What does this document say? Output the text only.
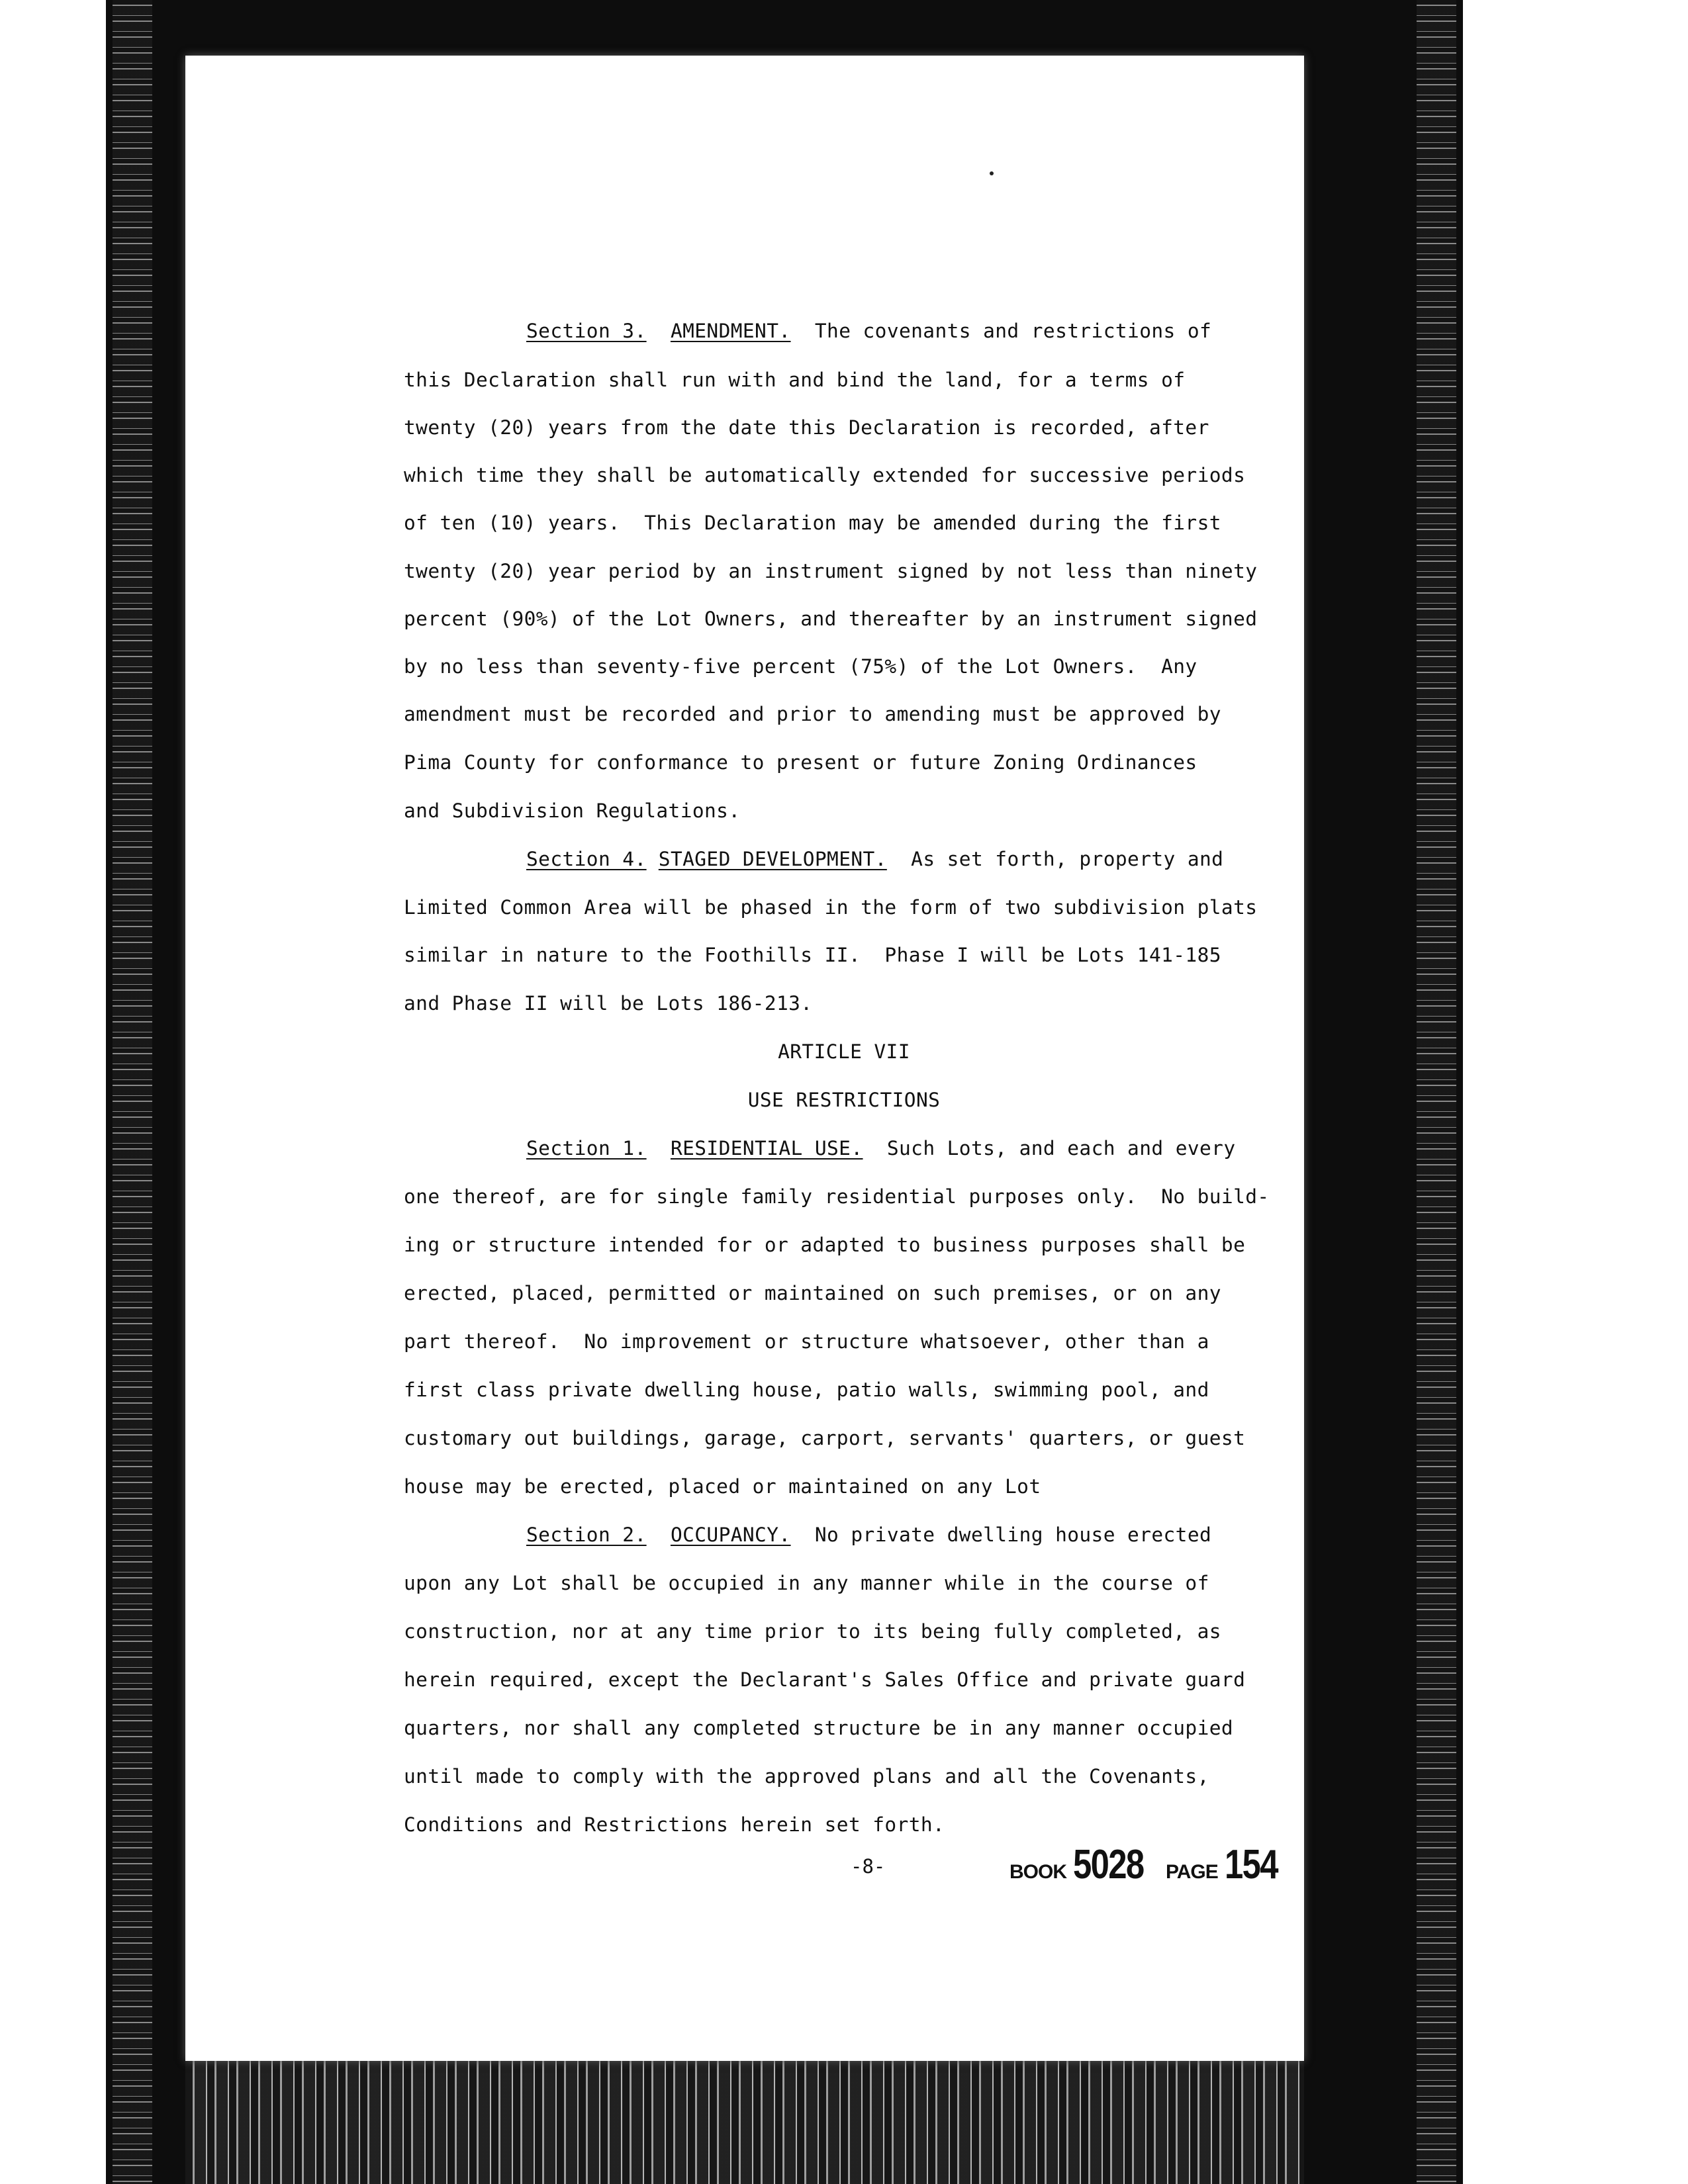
Section 3. AMENDMENT.  The covenants and restrictions of
this Declaration shall run with and bind the land, for a terms of
twenty (20) years from the date this Declaration is recorded, after
which time they shall be automatically extended for successive periods
of ten (10) years.  This Declaration may be amended during the first
twenty (20) year period by an instrument signed by not less than ninety
percent (90%) of the Lot Owners, and thereafter by an instrument signed
by no less than seventy-five percent (75%) of the Lot Owners.  Any
amendment must be recorded and prior to amending must be approved by
Pima County for conformance to present or future Zoning Ordinances
and Subdivision Regulations.
Section 4. STAGED DEVELOPMENT.  As set forth, property and
Limited Common Area will be phased in the form of two subdivision plats
similar in nature to the Foothills II.  Phase I will be Lots 141-185
and Phase II will be Lots 186-213.
ARTICLE VII
USE RESTRICTIONS
Section 1. RESIDENTIAL USE.  Such Lots, and each and every
one thereof, are for single family residential purposes only.  No build-
ing or structure intended for or adapted to business purposes shall be
erected, placed, permitted or maintained on such premises, or on any
part thereof.  No improvement or structure whatsoever, other than a
first class private dwelling house, patio walls, swimming pool, and
customary out buildings, garage, carport, servants' quarters, or guest
house may be erected, placed or maintained on any Lot
Section 2. OCCUPANCY.  No private dwelling house erected
upon any Lot shall be occupied in any manner while in the course of
construction, nor at any time prior to its being fully completed, as
herein required, except the Declarant's Sales Office and private guard
quarters, nor shall any completed structure be in any manner occupied
until made to comply with the approved plans and all the Covenants,
Conditions and Restrictions herein set forth.
-8-	BOOK 5028 PAGE 154
